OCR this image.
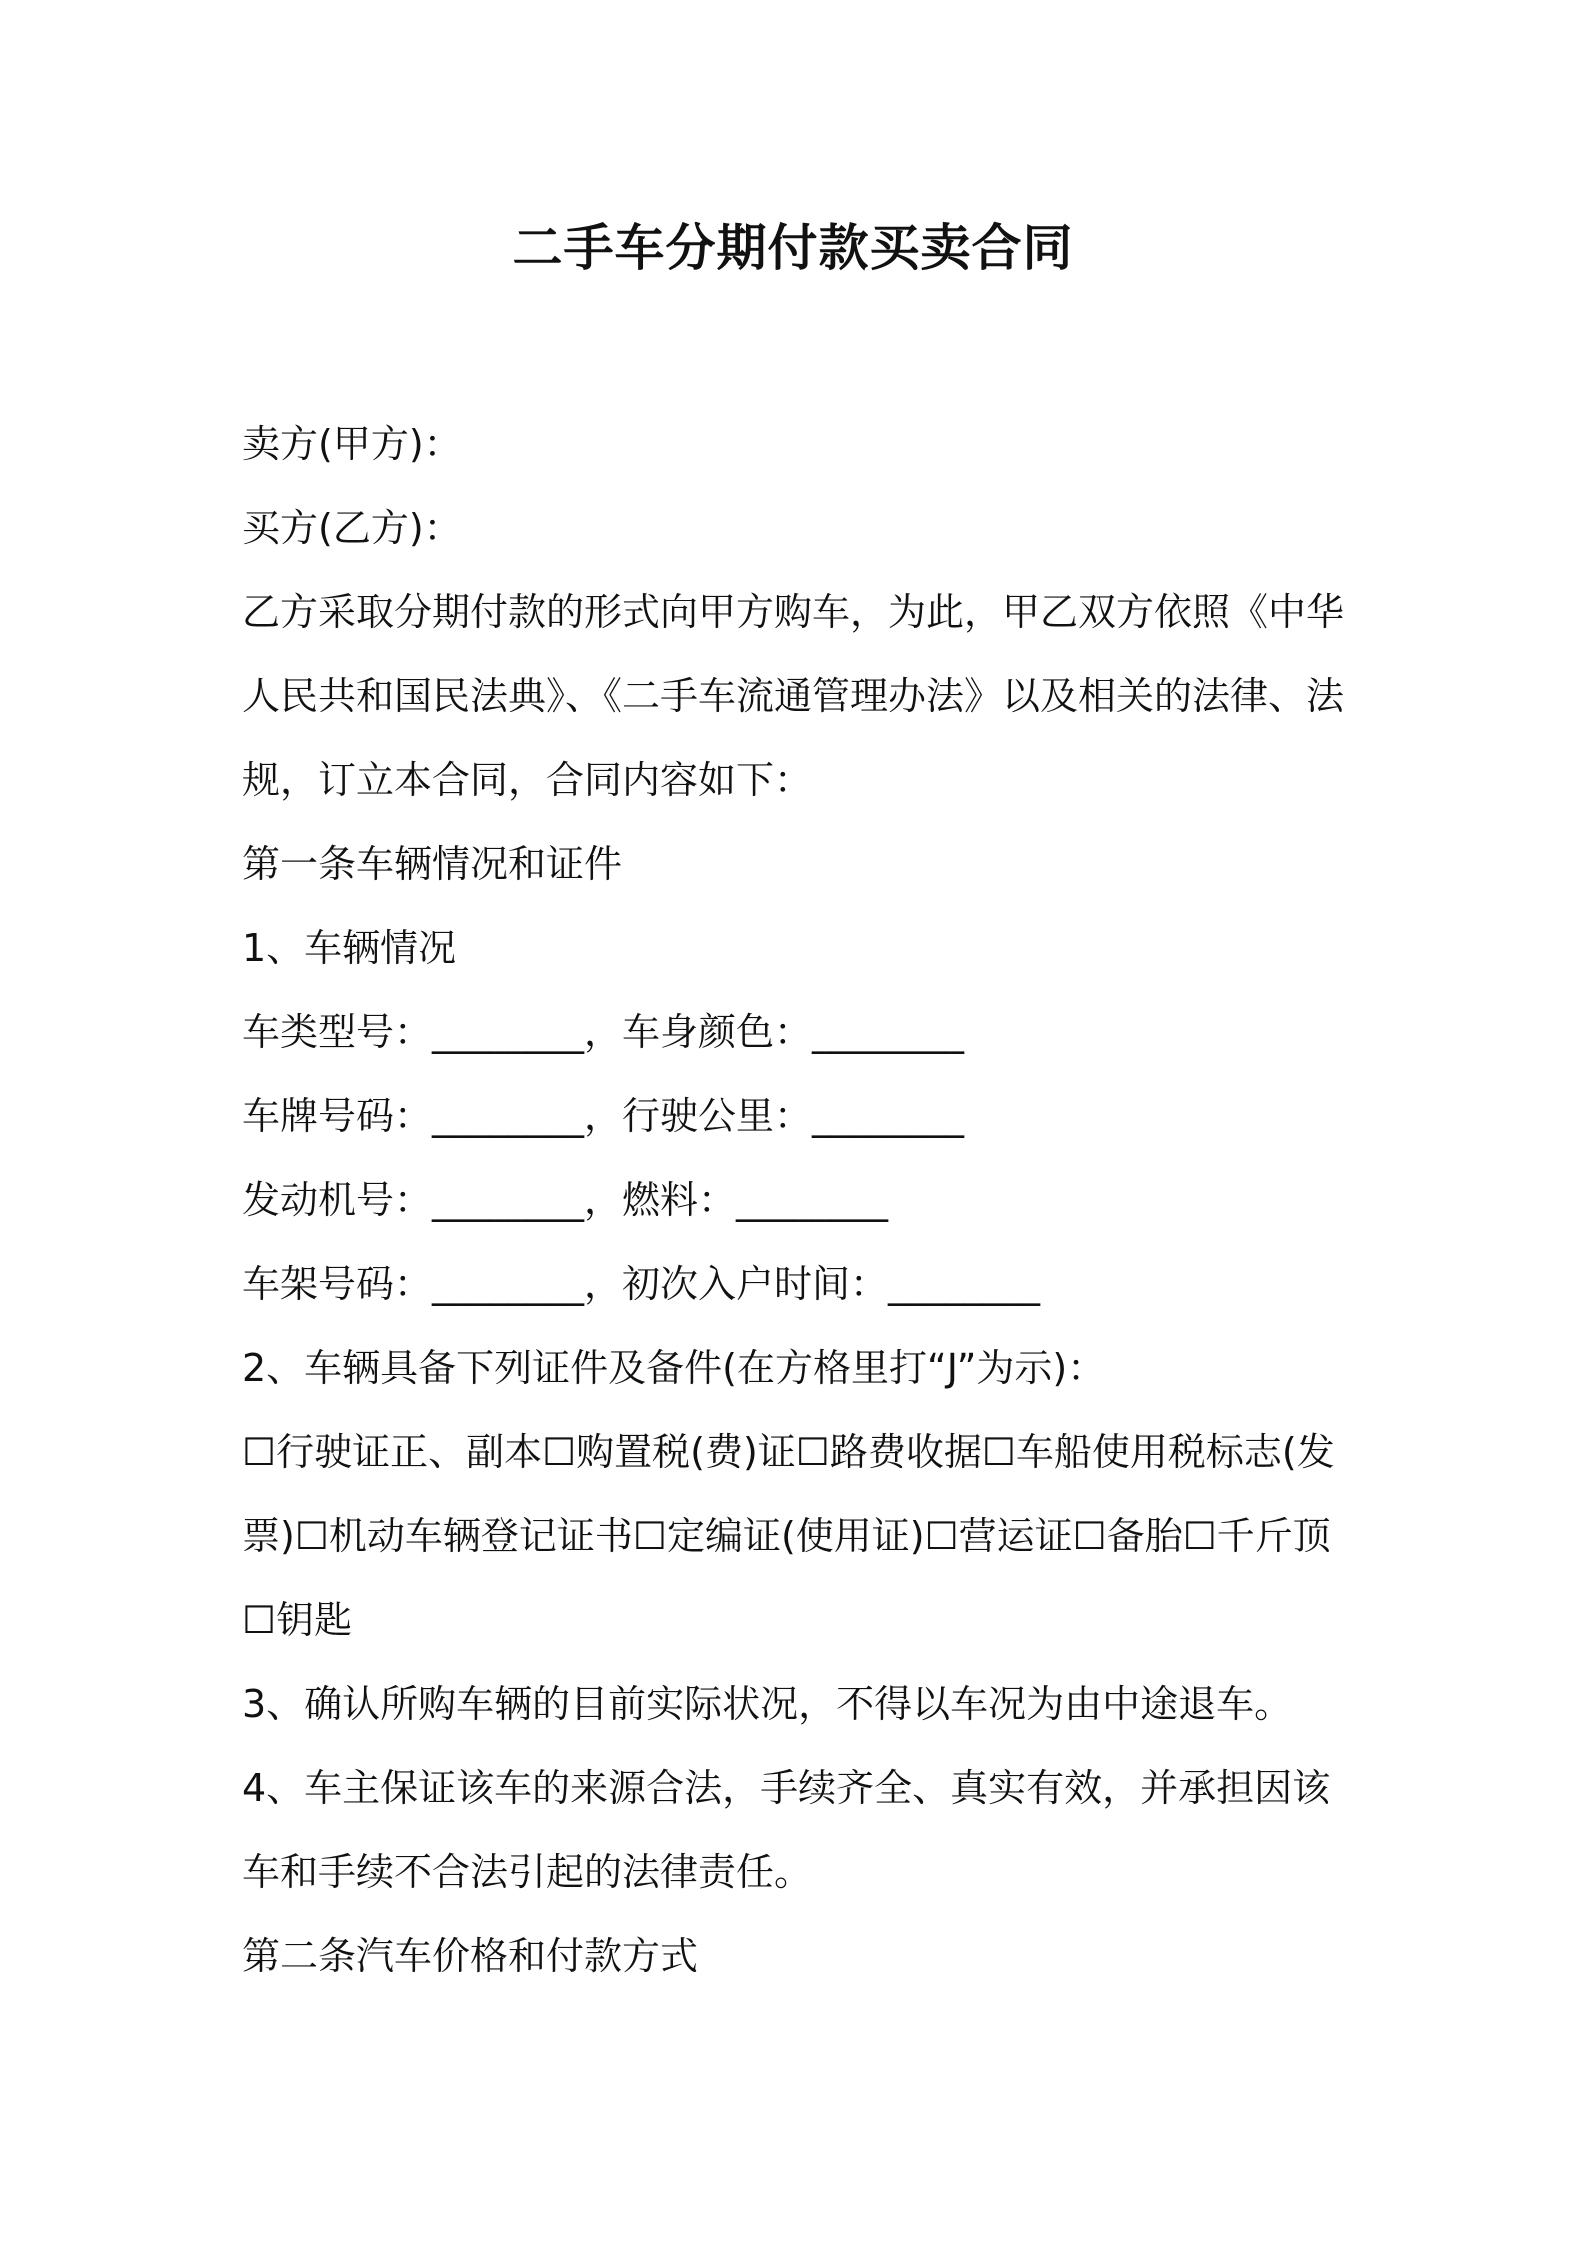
二手车分期付款买卖合同

卖方(甲方)：

买方(乙方)：

乙方采取分期付款的形式向甲方购车，为此，甲乙双方依照《中华人民共和国民法典》、《二手车流通管理办法》以及相关的法律、法规，订立本合同，合同内容如下：

第一条车辆情况和证件

1、车辆情况

车类型号：________，车身颜色：________

车牌号码：________，行驶公里：________

发动机号：________，燃料：________

车架号码：________，初次入户时间：________

2、车辆具备下列证件及备件(在方格里打“J”为示)：

☐行驶证正、副本☐购置税(费)证☐路费收据☐车船使用税标志(发票)☐机动车辆登记证书☐定编证(使用证)☐营运证☐备胎☐千斤顶☐钥匙

3、确认所购车辆的目前实际状况，不得以车况为由中途退车。

4、车主保证该车的来源合法，手续齐全、真实有效，并承担因该车和手续不合法引起的法律责任。

第二条汽车价格和付款方式
